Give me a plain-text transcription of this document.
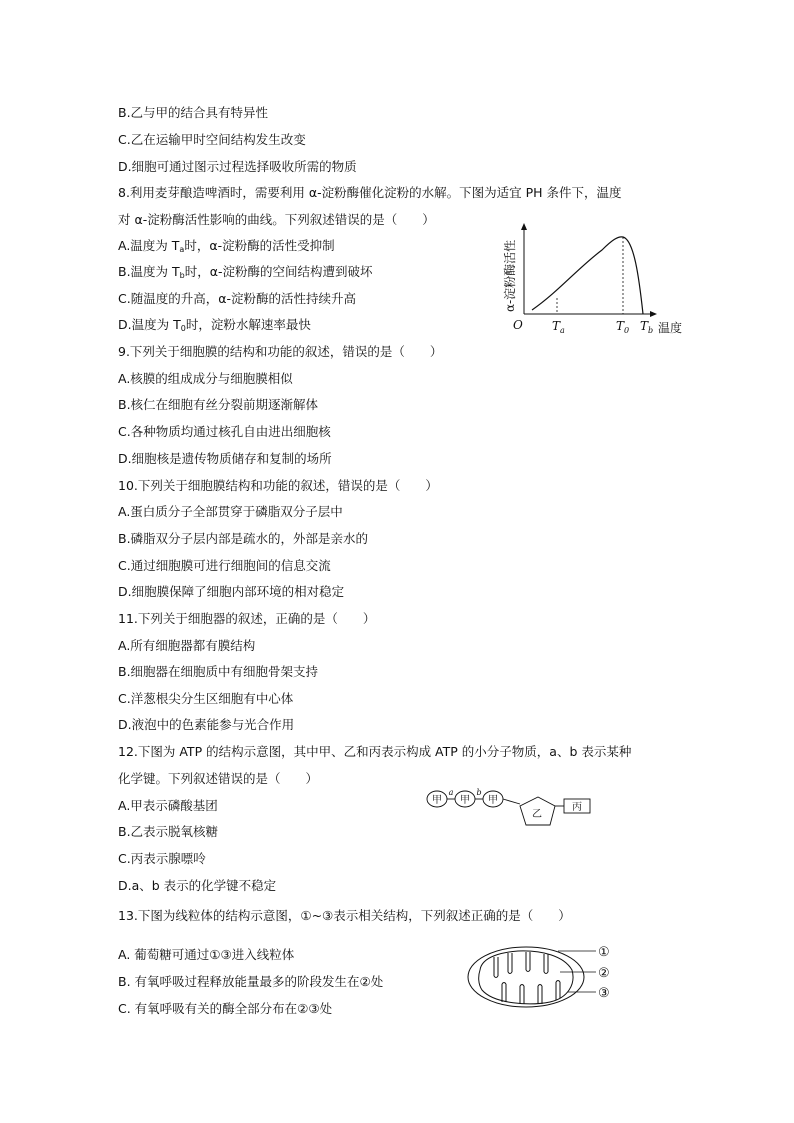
B.乙与甲的结合具有特异性
C.乙在运输甲时空间结构发生改变
D.细胞可通过图示过程选择吸收所需的物质
8.利用麦芽酿造啤酒时，需要利用 α-淀粉酶催化淀粉的水解。下图为适宜 PH 条件下，温度
对 α-淀粉酶活性影响的曲线。下列叙述错误的是（　　）
A.温度为 $T_a$时，α-淀粉酶的活性受抑制
B.温度为 $T_b$时，α-淀粉酶的空间结构遭到破坏
C.随温度的升高，α-淀粉酶的活性持续升高
D.温度为 $T_0$时，淀粉水解速率最快
9.下列关于细胞膜的结构和功能的叙述，错误的是（　　）
A.核膜的组成成分与细胞膜相似
B.核仁在细胞有丝分裂前期逐渐解体
C.各种物质均通过核孔自由进出细胞核
D.细胞核是遗传物质储存和复制的场所
10.下列关于细胞膜结构和功能的叙述，错误的是（　　）
A.蛋白质分子全部贯穿于磷脂双分子层中
B.磷脂双分子层内部是疏水的，外部是亲水的
C.通过细胞膜可进行细胞间的信息交流
D.细胞膜保障了细胞内部环境的相对稳定
11.下列关于细胞器的叙述，正确的是（　　）
A.所有细胞器都有膜结构
B.细胞器在细胞质中有细胞骨架支持
C.洋葱根尖分生区细胞有中心体
D.液泡中的色素能参与光合作用
12.下图为 ATP 的结构示意图，其中甲、乙和丙表示构成 ATP 的小分子物质，a、b 表示某种
化学键。下列叙述错误的是（　　）
A.甲表示磷酸基团
B.乙表示脱氧核糖
C.丙表示腺嘌呤
D.a、b 表示的化学键不稳定
13.下图为线粒体的结构示意图，①~③表示相关结构，下列叙述正确的是（　　）
A. 葡萄糖可通过①③进入线粒体
B. 有氧呼吸过程释放能量最多的阶段发生在②处
C. 有氧呼吸有关的酶全部分布在②③处
α-淀粉酶活性
O $T_a$	$T_0$ $T_b$ 温度
甲
a
甲
b
甲
乙
丙
①
②
③
